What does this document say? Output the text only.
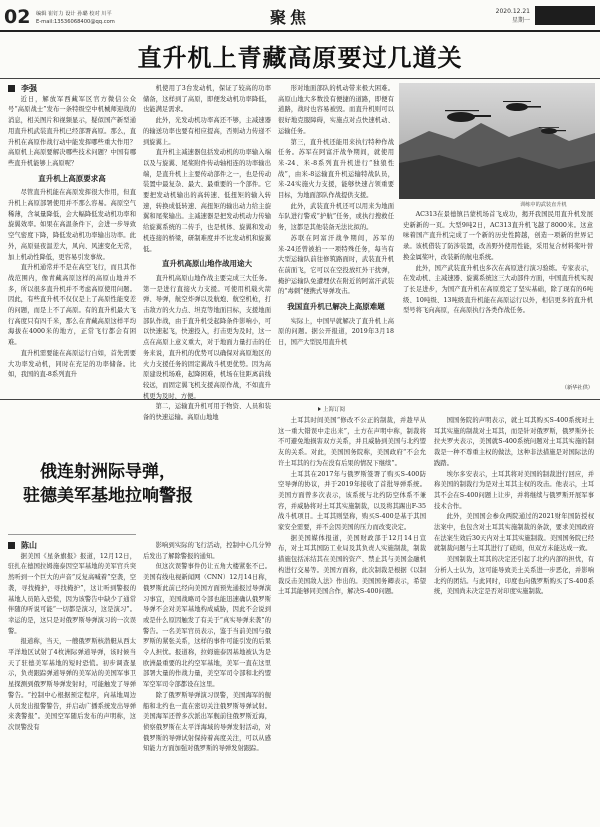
02 编辑 崔钉力 设计 孙璐 校对 川平
E-mail:13536068400@qq.com	聚焦	2020.12.21
星期一
直升机上青藏高原要过几道关
李强

近日，解放军西藏军区官方微信公众号“高原战士”发布一条特级空中机械师迎战的消息，相关图片和视频显示，疑似国产新型通用直升机武装直升机已经部署高原。那么，直升机在高原作战行动中能发挥哪些重大作用？高原机上高原要解决哪些技术问题？中国有哪些直升机能够上高原呢？

直升机上高原要求高

尽管直升机能在高原发挥很大作用，但直升机上高原部署使用并不那么容易。高原空气稀薄，含氧量降低，会大幅降低发动机功率和旋翼效率。如果在高温条件下，会进一步导致空气密度下降，降低发动机功率输出功率。此外，高原昼夜温差大，风向、风速变化无常，加上机动性降低，更容易引发事故。

直升机通常并不是在高空飞行，而且其作战范围内，像青藏高原这样的高原山地并不多，所以很多直升机并不考虑高原使用问题。因此，有些直升机不仅仅是上了高原性能变差的问题，而是上不了高原。有的直升机最大飞行高度只有四千米，那么在青藏高原这样平均海拔在4000米的地方，正常飞行都会有困难。

直升机需要能在高原运行自如，首先需要大功率发动机，同时在充足的功率储备。比如，我国的直-8系列直升

机使用了3台发动机，保证了较高的功率储备，这样到了高原，即便发动机功率降低，也能满足需求。

此外，光发动机功率高还不够，主减速器的输送功率也要有相应提高，否则动力传递不到旋翼上。

直升机主减速器包括发动机的功率输入端以及与旋翼、尾桨附件传动轴相连的功率输出端，是直升机上主要传动部件之一，也是传动装置中最复杂、最大、最重要的一个部件。它要把发动机输出的高转速、低扭矩的输入转速，转换成低转速、高扭矩的输出动力给主旋翼和尾桨输出。主减速器是把发动机动力传输给旋翼系统的二传手，也是机体、旋翼和发动机连接的桥梁，研制难度并不比发动机和旋翼低。

直升机高原山地作战用途大

直升机高原山地作战主要完成三大任务。第一是进行直接火力支援。可使用机载火箭弹、导弹，航空炸弹以及航炮、航空机枪，打击敌方的火力点、坦克等地面目标，支援地面部队作战，由于直升机受起降条件影响小，可以快速起飞，快速投入，打击更为及时，这一点在高原上意义重大，对于地面力量打击的任务来说，直升机的优势可以确保对高原地区的火力支援任务的固定翼战斗机更优势。因为高原建设机场难，起降困难，机场在往距离前线较远，而固定翼飞机支援高原作战，不如直升机更为及时、方便。

第二，运输直升机可用于物资、人员和装备的快速运输。高原山地地

形对地面部队的机动带来极大困难。高原山地大多数没有便捷的道路，即便有道路，战时也容易被毁。而直升机则可以很好地克服障碍，实施点对点快速机动、运输任务。

第三，直升机还能用来执行特种作战任务。苏军在阿富汗战争期间，就使用米-24、米-8系列直升机进行“独狼性战”，由米-8运输直升机运输特战队员，米-24实施火力支援，能够快速占领重要目标，为地面部队作战提供支援。

此外，武装直升机还可以用来为地面车队进行警戒“护航”任务，或执行搜救任务，这都是其他装备无法比拟的。

苏联在阿富汗战争期间，苏军的米-24还曾被拍一一项特殊任务，每当有大型运输队前往修筑路面时，武装直升机在前面飞，它可以在空投放红外干扰弹，掩护运输队免遭埋伏在附近的阿富汗武装的“毒刺”便携式导弹攻击。

我国直升机已解决上高原难题

实际上，中国早就解决了直升机上高原的问题。据公开报道，2019年3月18日，国产大型民用直升机

训练中的武装直升机

AC313在景德镇吕蒙机场首飞成功，揭开我国民用直升机发展史新新的一页。大型9吨2日，AC313直升机飞越了8000米。这意味着国产直升机完成了一个新的历史性跨越，创造一项新的世界记录。该机借装了防涉装置，改善野外使用性能，采用复合材料桨叶替换金属桨叶，改装新的航电系统。

此外，国产武装直升机也多次在高原进行演习验练。专家表示，在发动机、主减速器、旋翼系统这三大动部件方面，中国直升机实现了长足进步，为国产直升机在高原奠定了坚实基础，除了现有的6吨级、10吨级、13吨级直升机能在高原运行以外，相信更多的直升机型号将飞向高原，在高原执行各类作战任务。

（新华社供）
上海订阅
俄连射洲际导弹，
驻德美军基地拉响警报
陈山

据美国《星条旗报》报道，12月12日，驻扎在德国拉姆施泰因空军基地的美军官兵突然听到一个巨大的声音“反复高喊着”空袭，空袭，寻找掩护，寻找掩护”，这让听到警报的基地人员陷入恐慌，因为该警告中缺少了通常伴随的听说可能“一切都是演习，这是演习”。幸运的是，这只是对俄罗斯导弹演习的一次误警。

报道称，当天，一艘俄罗斯核潜艇从西太平洋地区试射了4枚洲际弹道导弹，该时候当天了驻德美军基地的短时恐慌。初步调查显示，负责跟踪弹道导弹的美军站的美国军事卫星探测到俄罗斯导弹发射时，可能触发了导弹警告。“控制中心根据预定程序，向基地周边人员发出报警警告，并启动广播系统发出导弹来袭警报”。美国空军随后发布的声明称，这次误警没有

影响到实际的飞行活动，控制中心几分钟后发出了解除警报的通知。

但这次误警事件仍让五角大楼紧张不已。美国有线电视新闻网（CNN）12月14日称，俄罗斯此前已经向美国方面预先通报过导弹演习事宜，美国战略司令部也能迅速确认俄罗斯导弹不会对美军基地构成威胁，因此不会说到或是什么原因触发了有关于“真实导弹来袭”的警告。一名美军官员表示，鉴于当前美国与俄罗斯的紧张关系，这样的事件可能引发的后果令人担忧。报道称，拉姆施泰因基地被认为是欧洲最重要的北约空军基地，美军一直在这里部署大量的作战力量，美空军司令部和北约盟军空军司令部都设在这里。

除了俄罗斯导弹演习误警，美国海军的舰船和北约也一直在密切关注俄罗斯导弹试射。美国海军还曾多次派出军舰前往俄罗斯近海，侦察俄罗斯在太平洋海域的导弹发射活动，对俄罗斯的导弹试射保持着高度关注，可以从感知能力方面加强对俄罗斯的导弹发射跟踪。

土耳其时间美国“修改不公正的制裁，并趁早从这一重大错误中走出来”，土方在声明中称，制裁将不可避免地损害双方关系，并且威胁到美国与北约盟友的关系。对此，美国国务院称，美国政府“不会允许土耳其的行为在没有后果的情况下继续”。

土耳其在2017年与俄罗斯签署了购买S-400防空导弹的协议，并于2019年接收了首批导弹系统。美国方面曾多次表示，该系统与北约防空体系不兼容，并威胁将对土耳其实施制裁，以及将其踢出F-35战斗机项目。土耳其则坚称，购买S-400是基于其国家安全需要，并不会因美国的压力而改变决定。

据美国媒体报道，美国财政部于12月14日宣布，对土耳其国防工业局及其负责人实施制裁，制裁措施包括冻结其在美国的资产、禁止其与美国金融机构进行交易等。美国方面称，此次制裁是根据《以制裁反击美国敌人法》作出的。美国国务卿表示，希望土耳其能够同美国合作，解决S-400问题。

国国务院的声明表示，就土耳其购买S-400系统对土耳其实施的制裁对土耳其，而是针对俄罗斯，俄罗斯外长拉夫罗夫表示，美国就S-400系统问题对土耳其实施的制裁是一种不尊重主权的做法，这种非法措施是对国际法的践踏。

埃尔多安表示，土耳其将对美国的制裁进行回应，并称美国的制裁行为是对土耳其主权的攻击。他表示，土耳其不会在S-400问题上让步，并将继续与俄罗斯开展军事技术合作。

此外，美国国会参众两院通过的2021财年国防授权法案中，也包含对土耳其实施制裁的条款，要求美国政府在法案生效后30天内对土耳其实施制裁。美国国务院已经就制裁问题与土耳其进行了磋商，但双方未能达成一致。

美国制裁土耳其的决定还引起了北约内部的担忧，有分析人士认为，这可能导致美土关系进一步恶化，并影响北约的团结。与此同时，印度也向俄罗斯购买了S-400系统，美国尚未决定是否对印度实施制裁。
